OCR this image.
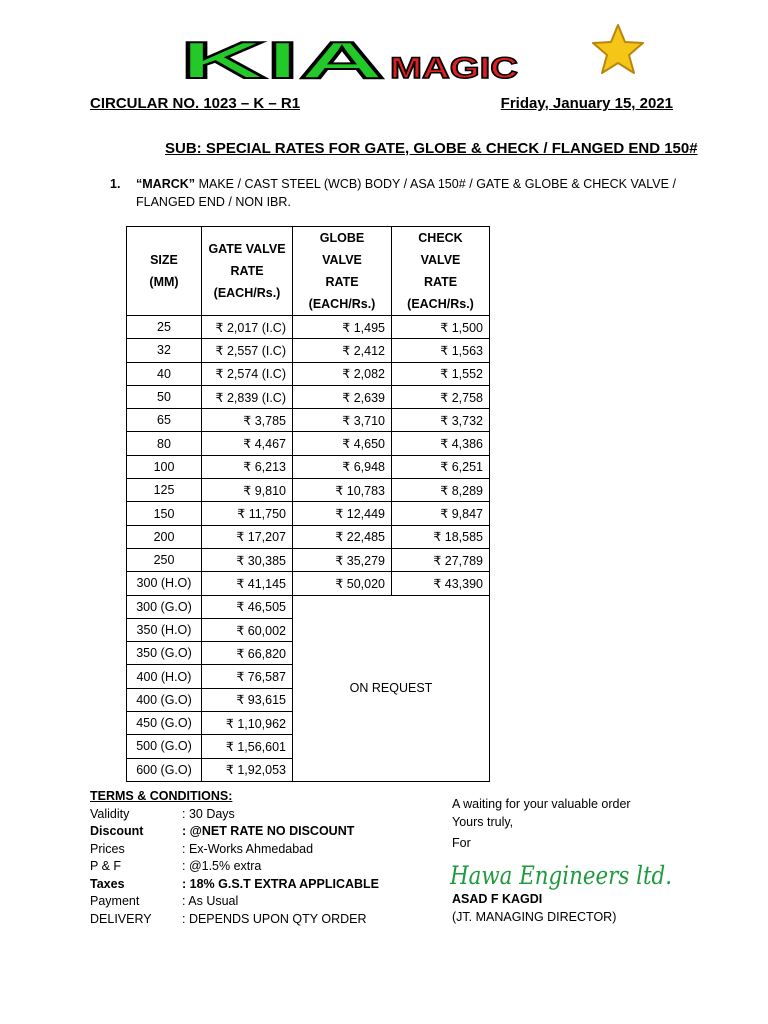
KIA MAGIC
CIRCULAR NO. 1023 – K – R1	Friday, January 15, 2021
SUB: SPECIAL RATES FOR GATE, GLOBE & CHECK / FLANGED END 150#
1. “MARCK” MAKE / CAST STEEL (WCB) BODY / ASA 150# / GATE & GLOBE & CHECK VALVE / FLANGED END / NON IBR.
SIZE
(MM)	GATE VALVE
RATE
(EACH/Rs.)	GLOBE VALVE
RATE
(EACH/Rs.)	CHECK VALVE
RATE
(EACH/Rs.)
25	₹ 2,017 (I.C)	₹ 1,495	₹ 1,500
32	₹ 2,557 (I.C)	₹ 2,412	₹ 1,563
40	₹ 2,574 (I.C)	₹ 2,082	₹ 1,552
50	₹ 2,839 (I.C)	₹ 2,639	₹ 2,758
65	₹ 3,785	₹ 3,710	₹ 3,732
80	₹ 4,467	₹ 4,650	₹ 4,386
100	₹ 6,213	₹ 6,948	₹ 6,251
125	₹ 9,810	₹ 10,783	₹ 8,289
150	₹ 11,750	₹ 12,449	₹ 9,847
200	₹ 17,207	₹ 22,485	₹ 18,585
250	₹ 30,385	₹ 35,279	₹ 27,789
300 (H.O)	₹ 41,145	₹ 50,020	₹ 43,390
300 (G.O)	₹ 46,505	ON REQUEST	
350 (H.O)	₹ 60,002		
350 (G.O)	₹ 66,820		
400 (H.O)	₹ 76,587		
400 (G.O)	₹ 93,615		
450 (G.O)	₹ 1,10,962		
500 (G.O)	₹ 1,56,601		
600 (G.O)	₹ 1,92,053		
TERMS & CONDITIONS:
Validity	: 30 Days
Discount	: @NET RATE NO DISCOUNT
Prices	: Ex-Works Ahmedabad
P & F	: @1.5% extra
Taxes	: 18% G.S.T EXTRA APPLICABLE
Payment	: As Usual
DELIVERY	: DEPENDS UPON QTY ORDER
A waiting for your valuable order
Yours truly,
For
Hawa Engineers ltd.
ASAD F KAGDI
(JT. MANAGING DIRECTOR)
